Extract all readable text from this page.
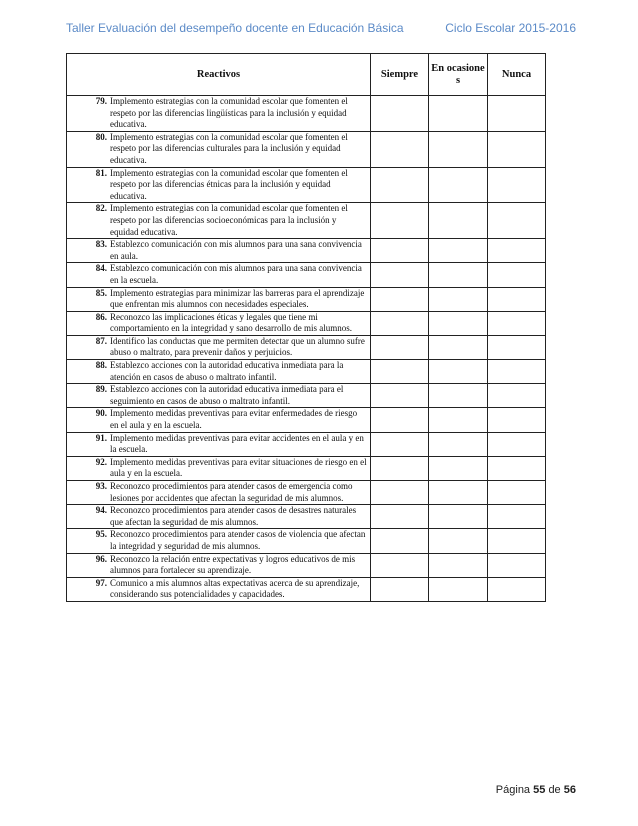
Taller Evaluación del desempeño docente en Educación Básica	Ciclo Escolar 2015-2016
Reactivos	Siempre	En ocasiones	Nunca

79. Implemento estrategias con la comunidad escolar que fomenten el respeto por las diferencias lingüísticas para la inclusión y equidad educativa.			

80. Implemento estrategias con la comunidad escolar que fomenten el respeto por las diferencias culturales para la inclusión y equidad educativa.			

81. Implemento estrategias con la comunidad escolar que fomenten el respeto por las diferencias étnicas para la inclusión y equidad educativa.			

82. Implemento estrategias con la comunidad escolar que fomenten el respeto por las diferencias socioeconómicas para la inclusión y equidad educativa.			

83. Establezco comunicación con mis alumnos para una sana convivencia en aula.			

84. Establezco comunicación con mis alumnos para una sana convivencia en la escuela.			

85. Implemento estrategias para minimizar las barreras para el aprendizaje que enfrentan mis alumnos con necesidades especiales.			

86. Reconozco las implicaciones éticas y legales que tiene mi comportamiento en la integridad y sano desarrollo de mis alumnos.			

87. Identifico las conductas que me permiten detectar que un alumno sufre abuso o maltrato, para prevenir daños y perjuicios.			

88. Establezco acciones con la autoridad educativa inmediata para la atención en casos de abuso o maltrato infantil.			

89. Establezco acciones con la autoridad educativa inmediata para el seguimiento en casos de abuso o maltrato infantil.			

90. Implemento medidas preventivas para evitar enfermedades de riesgo en el aula y en la escuela.			

91. Implemento medidas preventivas para evitar accidentes en el aula y en la escuela.			

92. Implemento medidas preventivas para evitar situaciones de riesgo en el aula y en la escuela.			

93. Reconozco procedimientos para atender casos de emergencia como lesiones por accidentes que afectan la seguridad de mis alumnos.			

94. Reconozco procedimientos para atender casos de desastres naturales que afectan la seguridad de mis alumnos.			

95. Reconozco procedimientos para atender casos de violencia que afectan la integridad y seguridad de mis alumnos.			

96. Reconozco la relación entre expectativas y logros educativos de mis alumnos para fortalecer su aprendizaje.			

97. Comunico a mis alumnos altas expectativas acerca de su aprendizaje, considerando sus potencialidades y capacidades.			

Página 55 de 56
